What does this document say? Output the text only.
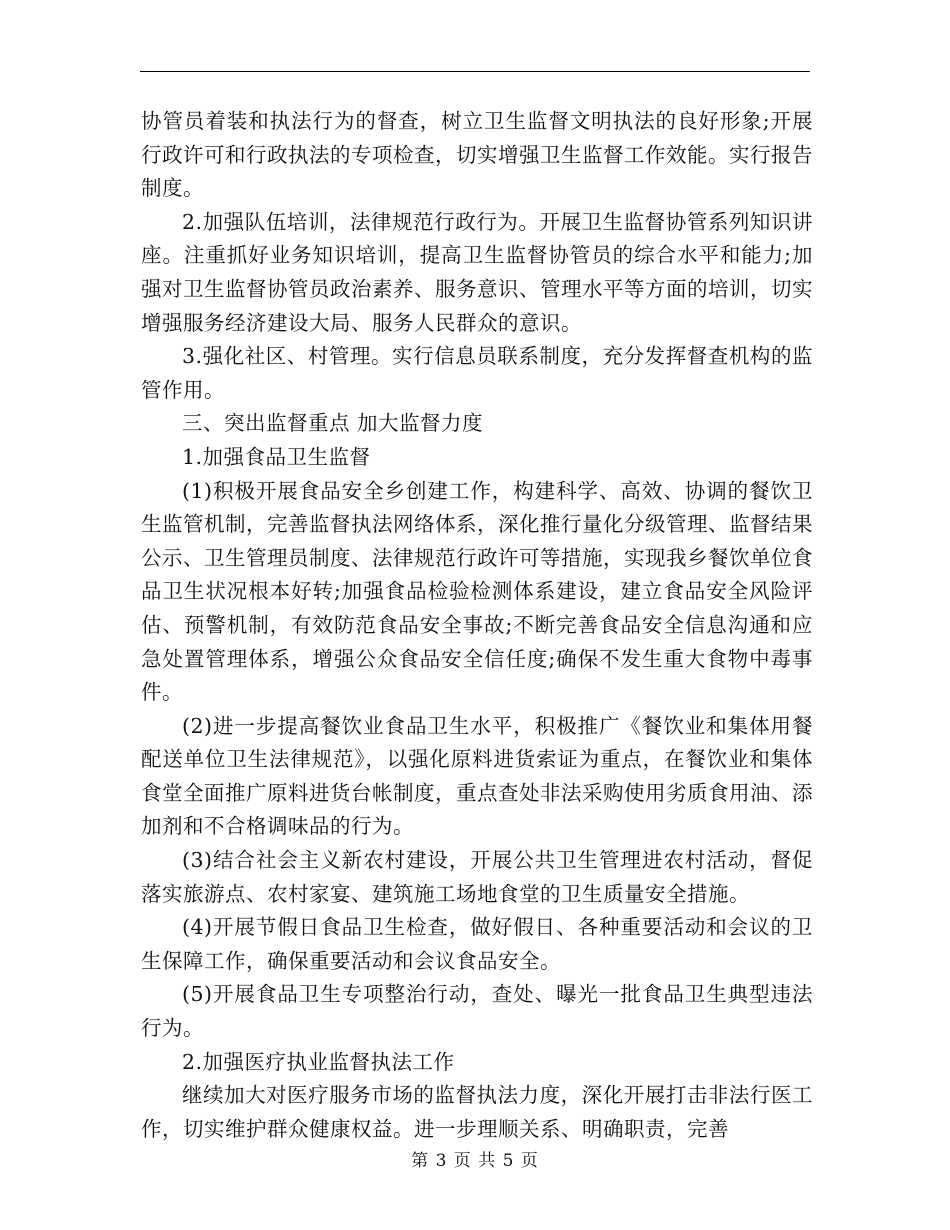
协管员着装和执法行为的督查，树立卫生监督文明执法的良好形象;开展行政许可和行政执法的专项检查，切实增强卫生监督工作效能。实行报告制度。

2.加强队伍培训，法律规范行政行为。开展卫生监督协管系列知识讲座。注重抓好业务知识培训，提高卫生监督协管员的综合水平和能力;加强对卫生监督协管员政治素养、服务意识、管理水平等方面的培训，切实增强服务经济建设大局、服务人民群众的意识。

3.强化社区、村管理。实行信息员联系制度，充分发挥督查机构的监管作用。

三、突出监督重点 加大监督力度

1.加强食品卫生监督

(1)积极开展食品安全乡创建工作，构建科学、高效、协调的餐饮卫生监管机制，完善监督执法网络体系，深化推行量化分级管理、监督结果公示、卫生管理员制度、法律规范行政许可等措施，实现我乡餐饮单位食品卫生状况根本好转;加强食品检验检测体系建设，建立食品安全风险评估、预警机制，有效防范食品安全事故;不断完善食品安全信息沟通和应急处置管理体系，增强公众食品安全信任度;确保不发生重大食物中毒事件。

(2)进一步提高餐饮业食品卫生水平，积极推广《餐饮业和集体用餐配送单位卫生法律规范》，以强化原料进货索证为重点，在餐饮业和集体食堂全面推广原料进货台帐制度，重点查处非法采购使用劣质食用油、添加剂和不合格调味品的行为。

(3)结合社会主义新农村建设，开展公共卫生管理进农村活动，督促落实旅游点、农村家宴、建筑施工场地食堂的卫生质量安全措施。

(4)开展节假日食品卫生检查，做好假日、各种重要活动和会议的卫生保障工作，确保重要活动和会议食品安全。

(5)开展食品卫生专项整治行动，查处、曝光一批食品卫生典型违法行为。

2.加强医疗执业监督执法工作

继续加大对医疗服务市场的监督执法力度，深化开展打击非法行医工作，切实维护群众健康权益。进一步理顺关系、明确职责，完善

第 3 页 共 5 页
